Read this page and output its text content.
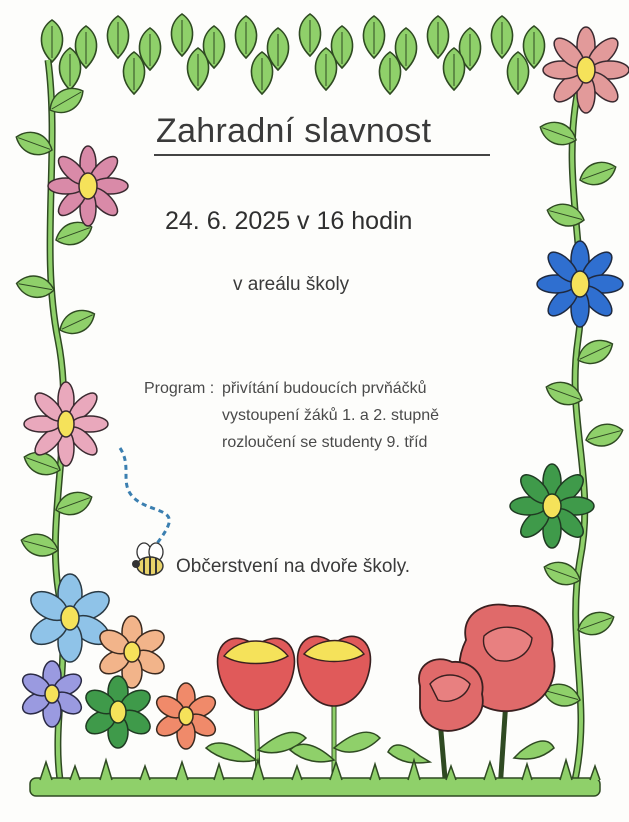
Zahradní slavnost
24. 6. 2025 v 16 hodin
v areálu školy
Program : přivítání budoucích prvňáčků
vystoupení žáků 1. a 2. stupně
rozloučení se studenty 9. tříd
Občerstvení na dvoře školy.
